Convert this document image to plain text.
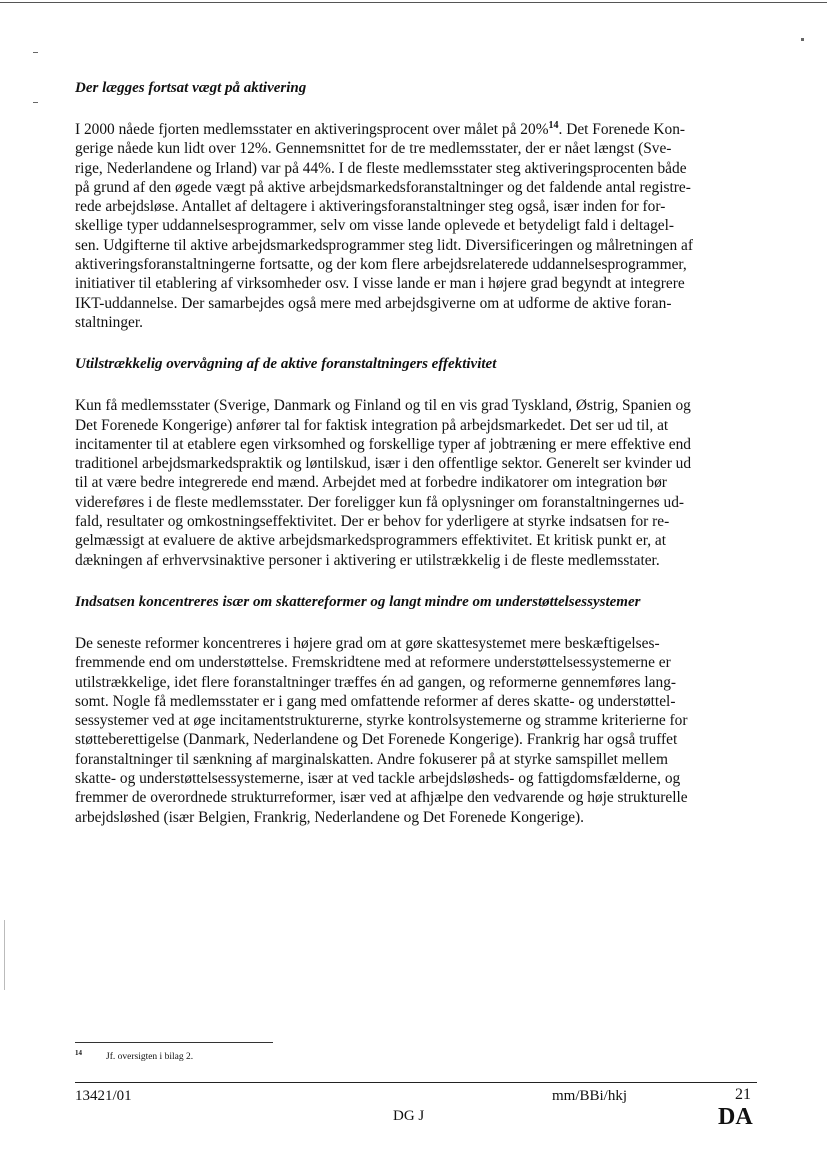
Der lægges fortsat vægt på aktivering

I 2000 nåede fjorten medlemsstater en aktiveringsprocent over målet på 20%$^{14}$. Det Forenede Kon-
gerige nåede kun lidt over 12%. Gennemsnittet for de tre medlemsstater, der er nået længst (Sve-
rige, Nederlandene og Irland) var på 44%. I de fleste medlemsstater steg aktiveringsprocenten både
på grund af den øgede vægt på aktive arbejdsmarkedsforanstaltninger og det faldende antal registre-
rede arbejdsløse. Antallet af deltagere i aktiveringsforanstaltninger steg også, især inden for for-
skellige typer uddannelsesprogrammer, selv om visse lande oplevede et betydeligt fald i deltagel-
sen. Udgifterne til aktive arbejdsmarkedsprogrammer steg lidt. Diversificeringen og målretningen af
aktiveringsforanstaltningerne fortsatte, og der kom flere arbejdsrelaterede uddannelsesprogrammer,
initiativer til etablering af virksomheder osv. I visse lande er man i højere grad begyndt at integrere
IKT-uddannelse. Der samarbejdes også mere med arbejdsgiverne om at udforme de aktive foran-
staltninger.

Utilstrækkelig overvågning af de aktive foranstaltningers effektivitet

Kun få medlemsstater (Sverige, Danmark og Finland og til en vis grad Tyskland, Østrig, Spanien og
Det Forenede Kongerige) anfører tal for faktisk integration på arbejdsmarkedet. Det ser ud til, at
incitamenter til at etablere egen virksomhed og forskellige typer af jobtræning er mere effektive end
traditionel arbejdsmarkedspraktik og løntilskud, især i den offentlige sektor. Generelt ser kvinder ud
til at være bedre integrerede end mænd. Arbejdet med at forbedre indikatorer om integration bør
videreføres i de fleste medlemsstater. Der foreligger kun få oplysninger om foranstaltningernes ud-
fald, resultater og omkostningseffektivitet. Der er behov for yderligere at styrke indsatsen for re-
gelmæssigt at evaluere de aktive arbejdsmarkedsprogrammers effektivitet. Et kritisk punkt er, at
dækningen af erhvervsinaktive personer i aktivering er utilstrækkelig i de fleste medlemsstater.

Indsatsen koncentreres især om skattereformer og langt mindre om understøttelsessystemer

De seneste reformer koncentreres i højere grad om at gøre skattesystemet mere beskæftigelses-
fremmende end om understøttelse. Fremskridtene med at reformere understøttelsessystemerne er
utilstrækkelige, idet flere foranstaltninger træffes én ad gangen, og reformerne gennemføres lang-
somt. Nogle få medlemsstater er i gang med omfattende reformer af deres skatte- og understøttel-
sessystemer ved at øge incitamentstrukturerne, styrke kontrolsystemerne og stramme kriterierne for
støtteberettigelse (Danmark, Nederlandene og Det Forenede Kongerige). Frankrig har også truffet
foranstaltninger til sænkning af marginalskatten. Andre fokuserer på at styrke samspillet mellem
skatte- og understøttelsessystemerne, især at ved tackle arbejdsløsheds- og fattigdomsfælderne, og
fremmer de overordnede strukturreformer, især ved at afhjælpe den vedvarende og høje strukturelle
arbejdsløshed (især Belgien, Frankrig, Nederlandene og Det Forenede Kongerige).

$^{14}$	Jf. oversigten i bilag 2.
13421/01
DG J
mm/BBi/hkj	21
DA
